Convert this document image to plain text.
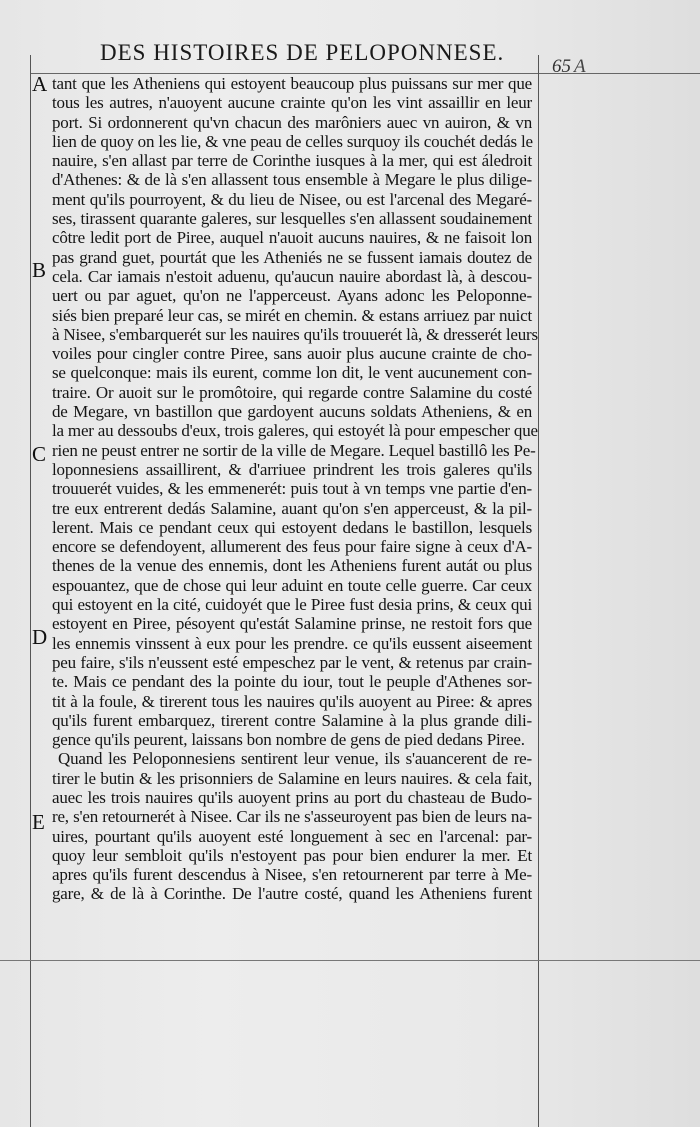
DES HISTOIRES DE PELOPONNESE.
65 A
A
B
C
D
E
tant que les Atheniens qui estoyent beaucoup plus puissans sur mer que
tous les autres, n'auoyent aucune crainte qu'on les vint assaillir en leur
port. Si ordonnerent qu'vn chacun des marôniers auec vn auiron, & vn
lien de quoy on les lie, & vne peau de celles surquoy ils couchét dedás le
nauire, s'en allast par terre de Corinthe iusques à la mer, qui est áledroit
d'Athenes: & de là s'en allassent tous ensemble à Megare le plus dilige-
ment qu'ils pourroyent, & du lieu de Nisee, ou est l'arcenal des Megaré-
ses, tirassent quarante galeres, sur lesquelles s'en allassent soudainement
côtre ledit port de Piree, auquel n'auoit aucuns nauires, & ne faisoit lon
pas grand guet, pourtát que les Atheniés ne se fussent iamais doutez de
cela. Car iamais n'estoit aduenu, qu'aucun nauire abordast là, à descou-
uert ou par aguet, qu'on ne l'apperceust. Ayans adonc les Peloponne-
siés bien preparé leur cas, se mirét en chemin. & estans arriuez par nuict
à Nisee, s'embarquerét sur les nauires qu'ils trouuerét là, & dresserét leurs
voiles pour cingler contre Piree, sans auoir plus aucune crainte de cho-
se quelconque: mais ils eurent, comme lon dit, le vent aucunement con-
traire. Or auoit sur le promôtoire, qui regarde contre Salamine du costé
de Megare, vn bastillon que gardoyent aucuns soldats Atheniens, & en
la mer au dessoubs d'eux, trois galeres, qui estoyét là pour empescher que
rien ne peust entrer ne sortir de la ville de Megare. Lequel bastillô les Pe-
loponnesiens assaillirent, & d'arriuee prindrent les trois galeres qu'ils
trouuerét vuides, & les emmenerét: puis tout à vn temps vne partie d'en-
tre eux entrerent dedás Salamine, auant qu'on s'en apperceust, & la pil-
lerent. Mais ce pendant ceux qui estoyent dedans le bastillon, lesquels
encore se defendoyent, allumerent des feus pour faire signe à ceux d'A-
thenes de la venue des ennemis, dont les Atheniens furent autát ou plus
espouantez, que de chose qui leur aduint en toute celle guerre. Car ceux
qui estoyent en la cité, cuidoyét que le Piree fust desia prins, & ceux qui
estoyent en Piree, pésoyent qu'estát Salamine prinse, ne restoit fors que
les ennemis vinssent à eux pour les prendre. ce qu'ils eussent aiseement
peu faire, s'ils n'eussent esté empeschez par le vent, & retenus par crain-
te. Mais ce pendant des la pointe du iour, tout le peuple d'Athenes sor-
tit à la foule, & tirerent tous les nauires qu'ils auoyent au Piree: & apres
qu'ils furent embarquez, tirerent contre Salamine à la plus grande dili-
gence qu'ils peurent, laissans bon nombre de gens de pied dedans Piree.
Quand les Peloponnesiens sentirent leur venue, ils s'auancerent de re-
tirer le butin & les prisonniers de Salamine en leurs nauires. & cela fait,
auec les trois nauires qu'ils auoyent prins au port du chasteau de Budo-
re, s'en retournerét à Nisee. Car ils ne s'asseuroyent pas bien de leurs na-
uires, pourtant qu'ils auoyent esté longuement à sec en l'arcenal: par-
quoy leur sembloit qu'ils n'estoyent pas pour bien endurer la mer. Et
apres qu'ils furent descendus à Nisee, s'en retournerent par terre à Me-
gare, & de là à Corinthe. De l'autre costé, quand les Atheniens furent
